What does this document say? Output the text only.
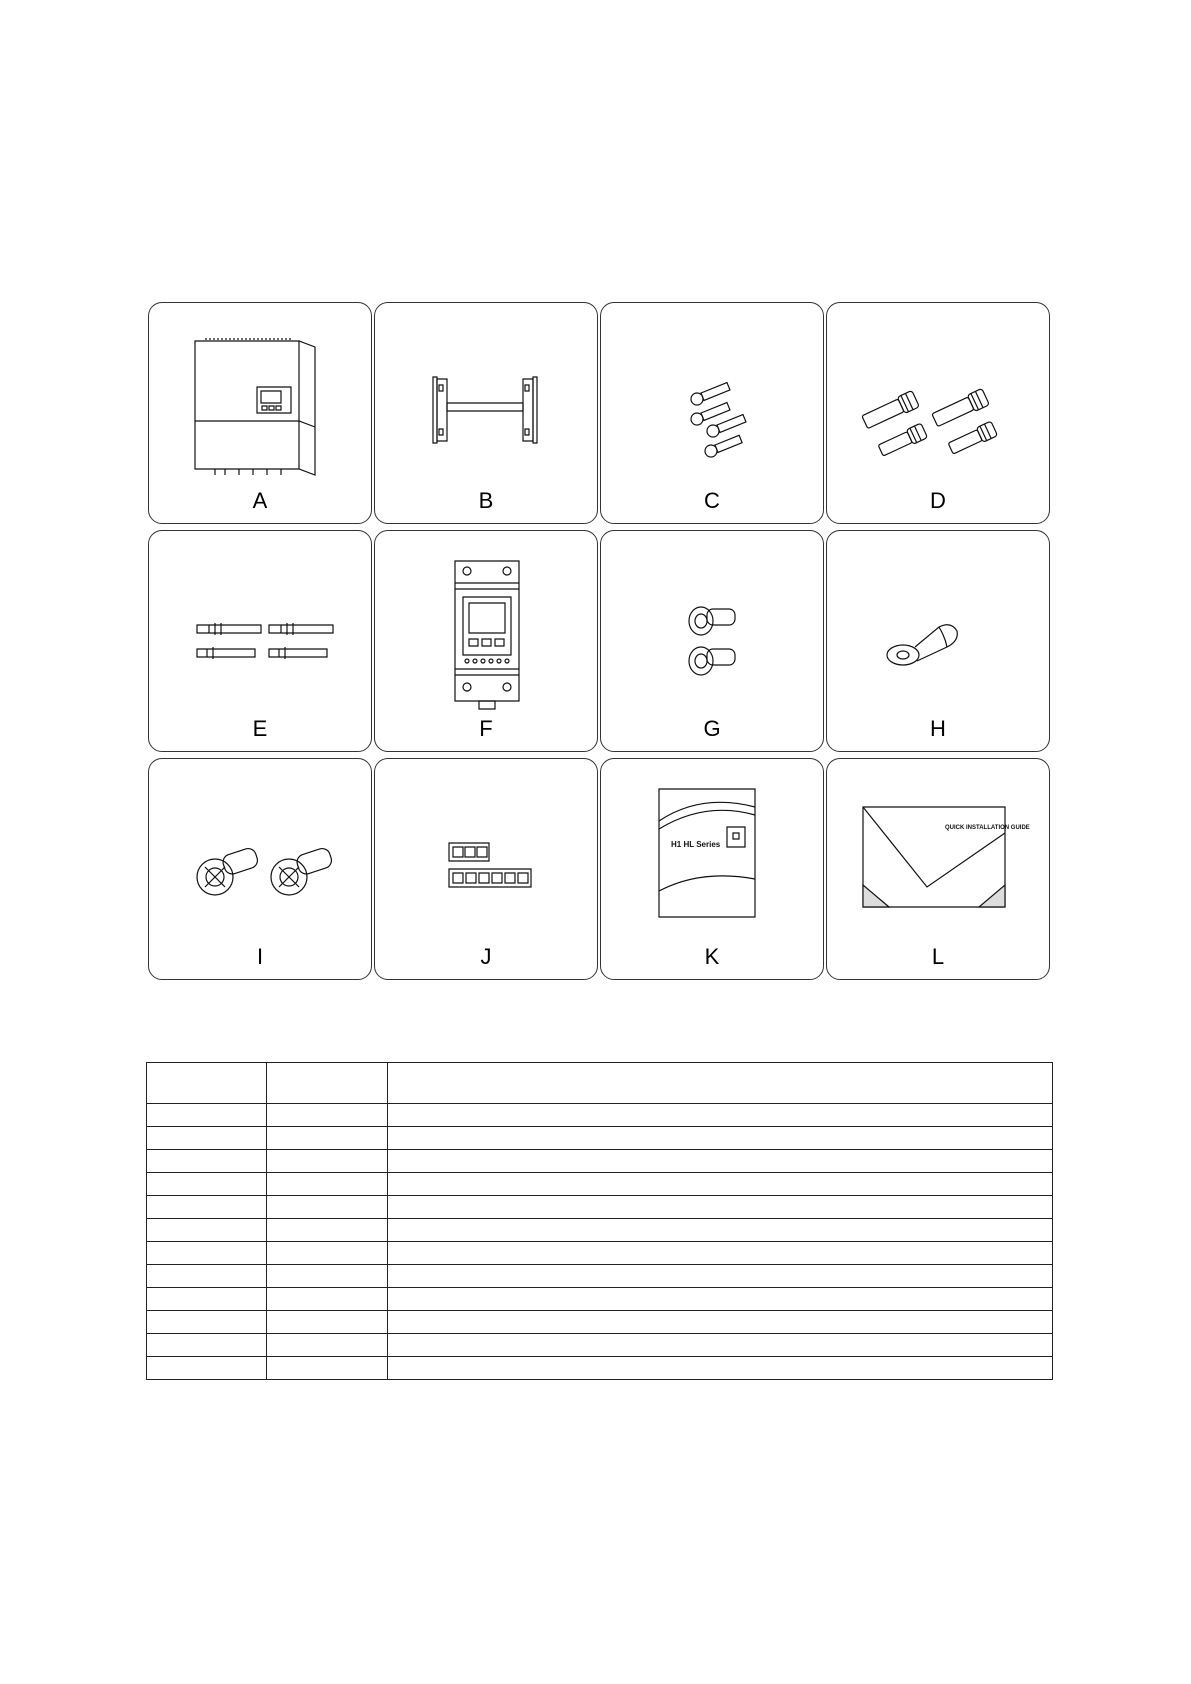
A	B	C	D
E	F	G	H
I	J
H1 HL Series
K
QUICK INSTALLATION GUIDE
L
